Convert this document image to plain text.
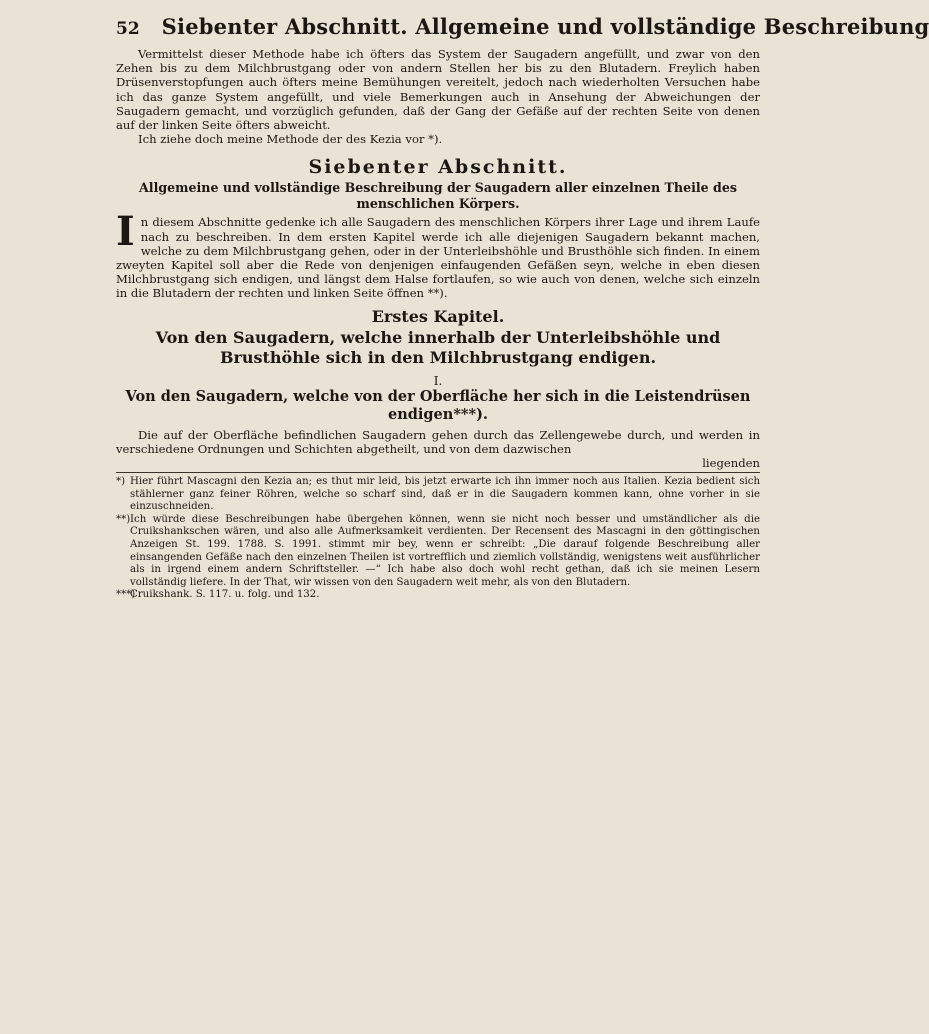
52 Siebenter Abschnitt. Allgemeine und vollständige Beschreibung

Vermittelst dieser Methode habe ich öfters das System der Saugadern angefüllt, und zwar von den Zehen bis zu dem Milchbrustgang oder von andern Stellen her bis zu den Blutadern. Freylich haben Drüsenverstopfungen auch öfters meine Bemühungen vereitelt, jedoch nach wiederholten Versuchen habe ich das ganze System angefüllt, und viele Bemerkungen auch in Ansehung der Abweichungen der Saugadern gemacht, und vorzüglich gefunden, daß der Gang der Gefäße auf der rechten Seite von denen auf der linken Seite öfters abweicht.

Ich ziehe doch meine Methode der des Kezia vor *).

Siebenter Abschnitt.
Allgemeine und vollständige Beschreibung der Saugadern aller einzelnen Theile des menschlichen Körpers.

In diesem Abschnitte gedenke ich alle Saugadern des menschlichen Körpers ihrer Lage und ihrem Laufe nach zu beschreiben. In dem ersten Kapitel werde ich alle diejenigen Saugadern bekannt machen, welche zu dem Milchbrustgang gehen, oder in der Unterleibshöhle und Brusthöhle sich finden. In einem zweyten Kapitel soll aber die Rede von denjenigen einfaugenden Gefäßen seyn, welche in eben diesen Milchbrustgang sich endigen, und längst dem Halse fortlaufen, so wie auch von denen, welche sich einzeln in die Blutadern der rechten und linken Seite öffnen **).

Erstes Kapitel.
Von den Saugadern, welche innerhalb der Unterleibshöhle und Brusthöhle sich in den Milchbrustgang endigen.
I.
Von den Saugadern, welche von der Oberfläche her sich in die Leistendrüsen endigen***).

Die auf der Oberfläche befindlichen Saugadern gehen durch das Zellengewebe durch, und werden in verschiedene Ordnungen und Schichten abgetheilt, und von dem dazwischen

liegenden

*) Hier führt Mascagni den Kezia an; es thut mir leid, bis jetzt erwarte ich ihn immer noch aus Italien. Kezia bedient sich stählerner ganz feiner Röhren, welche so scharf sind, daß er in die Saugadern kommen kann, ohne vorher in sie einzuschneiden.

**)Ich würde diese Beschreibungen habe übergehen können, wenn sie nicht noch besser und umständlicher als die Cruikshankschen wären, und also alle Aufmerksamkeit verdienten. Der Recensent des Mascagni in den göttingischen Anzeigen St. 199. 1788. S. 1991. stimmt mir bey, wenn er schreibt: „Die darauf folgende Beschreibung aller einsangenden Gefäße nach den einzelnen Theilen ist vortrefflich und ziemlich vollständig, wenigstens weit ausführlicher als in irgend einem andern Schriftsteller. —“ Ich habe also doch wohl recht gethan, daß ich sie meinen Lesern vollständig liefere. In der That, wir wissen von den Saugadern weit mehr, als von den Blutadern.

***)Cruikshank. S. 117. u. folg. und 132.
